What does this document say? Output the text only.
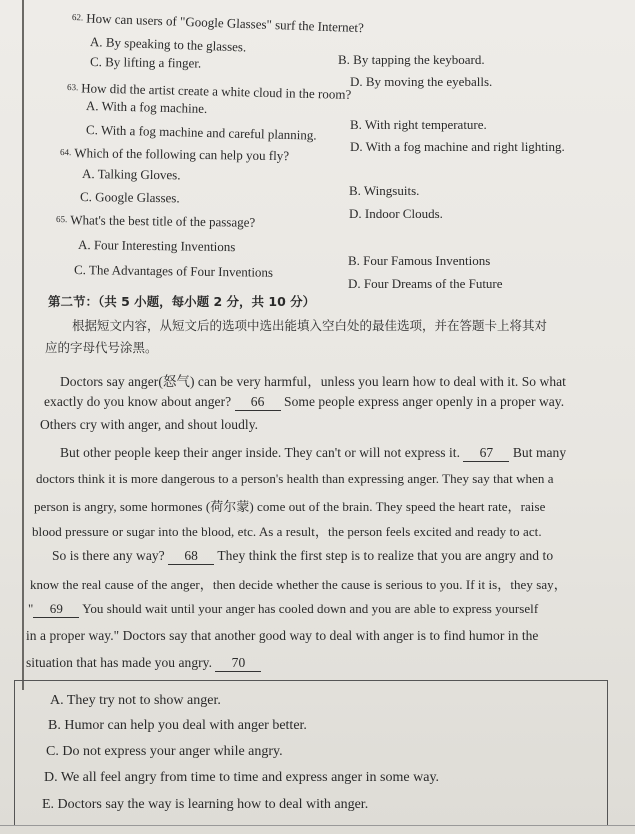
62. How can users of "Google Glasses" surf the Internet?
A. By speaking to the glasses.
B. By tapping the keyboard.
C. By lifting a finger.
D. By moving the eyeballs.
63. How did the artist create a white cloud in the room?
A. With a fog machine.
B. With right temperature.
C. With a fog machine and careful planning.
D. With a fog machine and right lighting.
64. Which of the following can help you fly?
A. Talking Gloves.
B. Wingsuits.
C. Google Glasses.
D. Indoor Clouds.
65. What's the best title of the passage?
A. Four Interesting Inventions
B. Four Famous Inventions
C. The Advantages of Four Inventions
D. Four Dreams of the Future
第二节：（共 5 小题，每小题 2 分，共 10 分）
根据短文内容，从短文后的选项中选出能填入空白处的最佳选项，并在答题卡上将其对
应的字母代号涂黑。
Doctors say anger(怒气) can be very harmful，unless you learn how to deal with it. So what
exactly do you know about anger? 66 Some people express anger openly in a proper way.
Others cry with anger, and shout loudly.
But other people keep their anger inside. They can't or will not express it. 67 But many
doctors think it is more dangerous to a person's health than expressing anger. They say that when a
person is angry, some hormones (荷尔蒙) come out of the brain. They speed the heart rate，raise
blood pressure or sugar into the blood, etc. As a result，the person feels excited and ready to act.
So is there any way? 68 They think the first step is to realize that you are angry and to
know the real cause of the anger，then decide whether the cause is serious to you. If it is，they say，
" 69 You should wait until your anger has cooled down and you are able to express yourself
in a proper way." Doctors say that another good way to deal with anger is to find humor in the
situation that has made you angry. 70
A. They try not to show anger.
B. Humor can help you deal with anger better.
C. Do not express your anger while angry.
D. We all feel angry from time to time and express anger in some way.
E. Doctors say the way is learning how to deal with anger.
